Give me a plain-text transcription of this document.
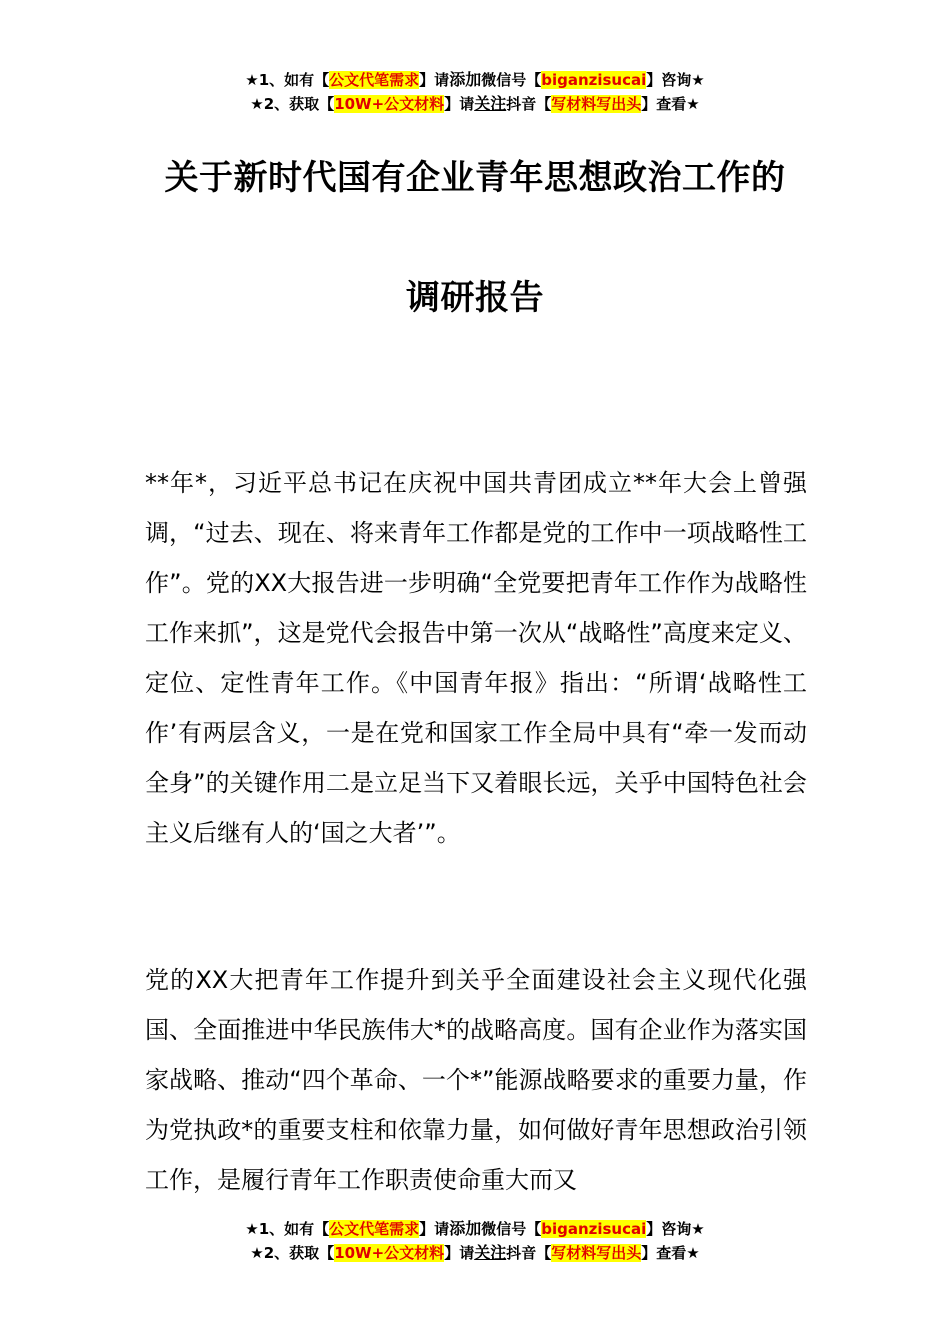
★1、如有【公文代笔需求】请添加微信号【biganzisucai】咨询★
★2、获取【10W+公文材料】请关注抖音【写材料写出头】查看★
关于新时代国有企业青年思想政治工作的
调研报告

**年*，习近平总书记在庆祝中国共青团成立**年大会上曾强调，“过去、现在、将来青年工作都是党的工作中一项战略性工作”。党的XX大报告进一步明确“全党要把青年工作作为战略性工作来抓”，这是党代会报告中第一次从“战略性”高度来定义、定位、定性青年工作。《中国青年报》指出：“所谓‘战略性工作’有两层含义，一是在党和国家工作全局中具有“牵一发而动全身”的关键作用二是立足当下又着眼长远，关乎中国特色社会主义后继有人的‘国之大者’”。

党的XX大把青年工作提升到关乎全面建设社会主义现代化强国、全面推进中华民族伟大*的战略高度。国有企业作为落实国家战略、推动“四个革命、一个*”能源战略要求的重要力量，作为党执政*的重要支柱和依靠力量，如何做好青年思想政治引领工作，是履行青年工作职责使命重大而又

★1、如有【公文代笔需求】请添加微信号【biganzisucai】咨询★
★2、获取【10W+公文材料】请关注抖音【写材料写出头】查看★
